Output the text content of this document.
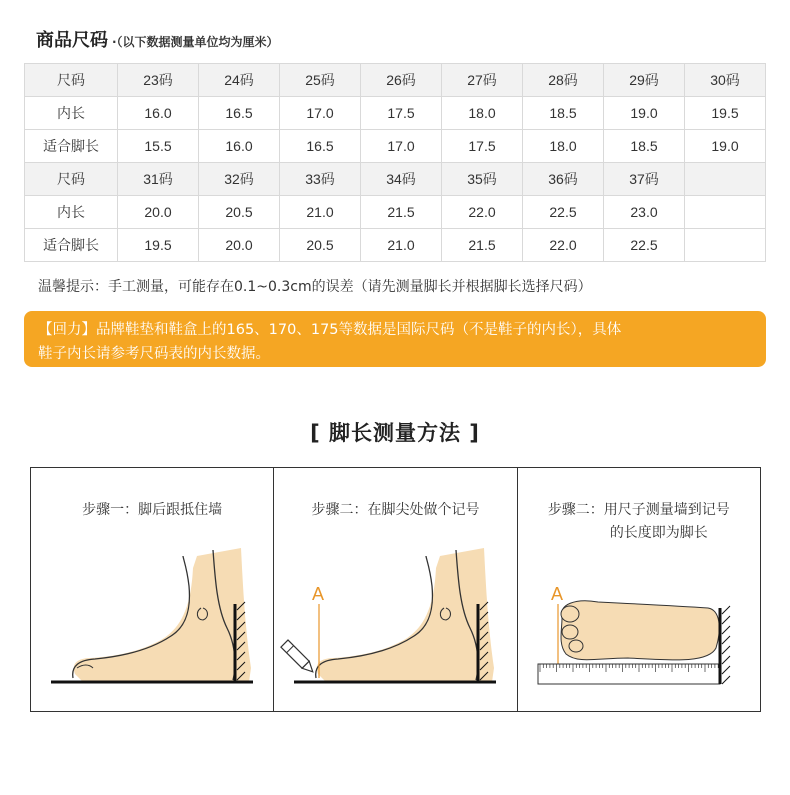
商品尺码 ·（以下数据测量单位均为厘米）
尺码	23码	24码	25码	26码	27码	28码	29码	30码
内长	16.0	16.5	17.0	17.5	18.0	18.5	19.0	19.5
适合脚长	15.5	16.0	16.5	17.0	17.5	18.0	18.5	19.0
尺码	31码	32码	33码	34码	35码	36码	37码	
内长	20.0	20.5	21.0	21.5	22.0	22.5	23.0	
适合脚长	19.5	20.0	20.5	21.0	21.5	22.0	22.5	
温馨提示：手工测量，可能存在0.1~0.3cm的误差（请先测量脚长并根据脚长选择尺码）
【回力】品牌鞋垫和鞋盒上的165、170、175等数据是国际尺码（不是鞋子的内长），具体
鞋子内长请参考尺码表的内长数据。
[ 脚长测量方法 ]
步骤一：脚后跟抵住墙	步骤二：在脚尖处做个记号
A
步骤二：用尺子测量墙到记号
的长度即为脚长
A
